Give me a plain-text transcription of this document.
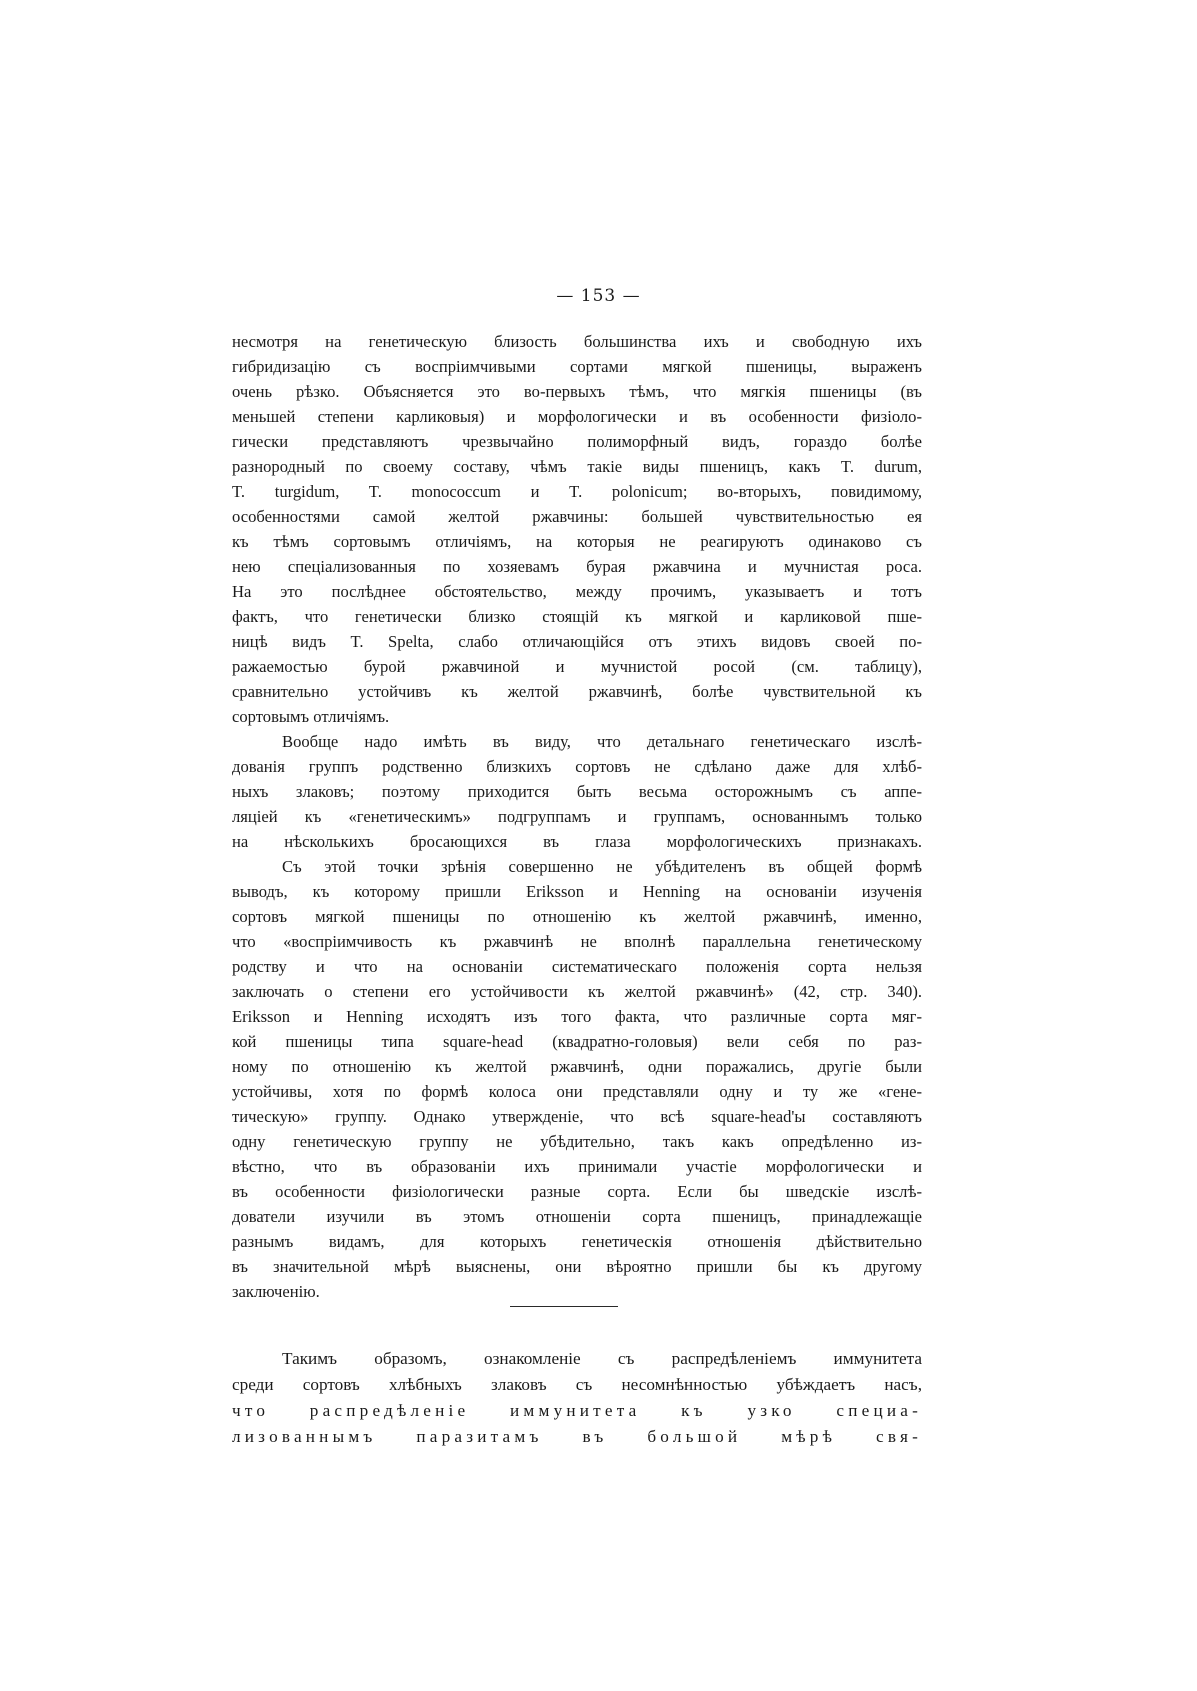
— 153 —
несмотря на генетическую близость большинства ихъ и свободную ихъ
гибридизацію съ воспріимчивыми сортами мягкой пшеницы, выраженъ
очень рѣзко. Объясняется это во-первыхъ тѣмъ, что мягкія пшеницы (въ
меньшей степени карликовыя) и морфологически и въ особенности физіоло-
гически представляютъ чрезвычайно полиморфный видъ, гораздо болѣе
разнородный по своему составу, чѣмъ такіе виды пшеницъ, какъ T. durum,
T. turgidum, T. monococcum и T. polonicum; во-вторыхъ, повидимому,
особенностями самой желтой ржавчины: большей чувствительностью ея
къ тѣмъ сортовымъ отличіямъ, на которыя не реагируютъ одинаково съ
нею спеціализованныя по хозяевамъ бурая ржавчина и мучнистая роса.
На это послѣднее обстоятельство, между прочимъ, указываетъ и тотъ
фактъ, что генетически близко стоящій къ мягкой и карликовой пше-
ницѣ видъ T. Spelta, слабо отличающійся отъ этихъ видовъ своей по-
ражаемостью бурой ржавчиной и мучнистой росой (см. таблицу),
сравнительно устойчивъ къ желтой ржавчинѣ, болѣе чувствительной къ
сортовымъ отличіямъ.
Вообще надо имѣть въ виду, что детальнаго генетическаго изслѣ-
дованія группъ родственно близкихъ сортовъ не сдѣлано даже для хлѣб-
ныхъ злаковъ; поэтому приходится быть весьма осторожнымъ съ аппе-
ляціей къ «генетическимъ» подгруппамъ и группамъ, основаннымъ только
на нѣсколькихъ бросающихся въ глаза морфологическихъ признакахъ.
Съ этой точки зрѣнія совершенно не убѣдителенъ въ общей формѣ
выводъ, къ которому пришли Eriksson и Henning на основаніи изученія
сортовъ мягкой пшеницы по отношенію къ желтой ржавчинѣ, именно,
что «воспріимчивость къ ржавчинѣ не вполнѣ параллельна генетическому
родству и что на основаніи систематическаго положенія сорта нельзя
заключать о степени его устойчивости къ желтой ржавчинѣ» (42, стр. 340).
Eriksson и Henning исходятъ изъ того факта, что различные сорта мяг-
кой пшеницы типа square-head (квадратно-головыя) вели себя по раз-
ному по отношенію къ желтой ржавчинѣ, одни поражались, другіе были
устойчивы, хотя по формѣ колоса они представляли одну и ту же «гене-
тическую» группу. Однако утвержденіе, что всѣ square-head'ы составляютъ
одну генетическую группу не убѣдительно, такъ какъ опредѣленно из-
вѣстно, что въ образованіи ихъ принимали участіе морфологически и
въ особенности физіологически разные сорта. Если бы шведскіе изслѣ-
дователи изучили въ этомъ отношеніи сорта пшеницъ, принадлежащіе
разнымъ видамъ, для которыхъ генетическія отношенія дѣйствительно
въ значительной мѣрѣ выяснены, они вѣроятно пришли бы къ другому
заключенію.
Такимъ образомъ, ознакомленіе съ распредѣленіемъ иммунитета
среди сортовъ хлѣбныхъ злаковъ съ несомнѣнностью убѣждаетъ насъ,
что распредѣленіе иммунитета къ узко специа-
лизованнымъ паразитамъ въ большой мѣрѣ свя-
